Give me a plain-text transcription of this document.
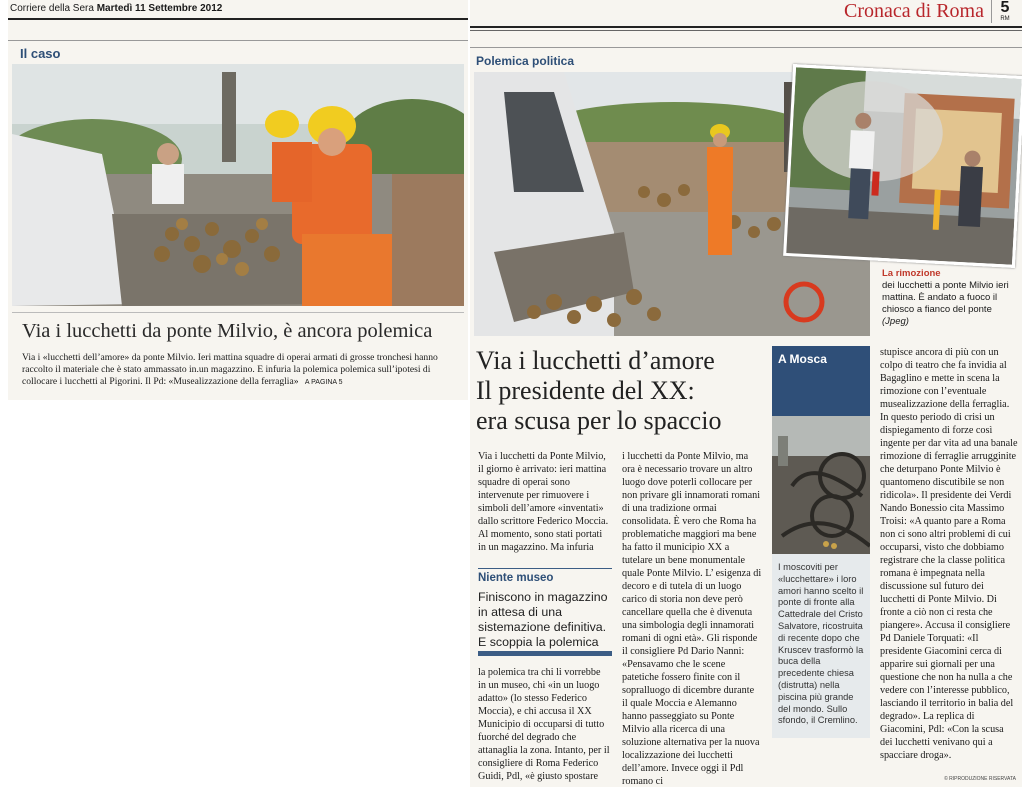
Corriere della Sera Martedì 11 Settembre 2012
Il caso
Via i lucchetti da ponte Milvio, è ancora polemica
Via i «lucchetti dell’amore» da ponte Milvio. Ieri mattina squadre di operai armati di grosse tronchesi hanno raccolto il materiale che è stato ammassato in.un magazzino. E infuria la polemica polemica sull’ipotesi di collocare i lucchetti al Pigorini. Il Pd: «Musealizzazione della ferraglia» A PAGINA 5
Cronaca di Roma	5
RM
Polemica politica
La rimozione
dei lucchetti a ponte Milvio ieri mattina. È andato a fuoco il chiosco a fianco del ponte (Jpeg)
Via i lucchetti d’amore
Il presidente del XX:
era scusa per lo spaccio
Via i lucchetti da Ponte Milvio, il giorno è arrivato: ieri mattina squadre di operai sono intervenute per rimuovere i simboli dell’amore «inventati» dallo scrittore Federico Moccia. Al momento, sono stati portati in un magazzino. Ma infuria
Niente museo
Finiscono in magazzino in attesa di una sistemazione definitiva. E scoppia la polemica
la polemica tra chi li vorrebbe in un museo, chi «in un luogo adatto» (lo stesso Federico Moccia), e chi accusa il XX Municipio di occuparsi di tutto fuorché del degrado che attanaglia la zona. Intanto, per il consigliere di Roma Federico Guidi, Pdl, «è giusto spostare
i lucchetti da Ponte Milvio, ma ora è necessario trovare un altro luogo dove poterli collocare per non privare gli innamorati romani di una tradizione ormai consolidata. È vero che Roma ha problematiche maggiori ma bene ha fatto il municipio XX a tutelare un bene monumentale quale Ponte Milvio. L’ esigenza di decoro e di tutela di un luogo carico di storia non deve però cancellare quella che è divenuta una simbologia degli innamorati romani di ogni età». Gli risponde il consigliere Pd Dario Nanni: «Pensavamo che le scene patetiche fossero finite con il sopralluogo di dicembre durante il quale Moccia e Alemanno hanno passeggiato su Ponte Milvio alla ricerca di una soluzione alternativa per la nuova localizzazione dei lucchetti dell’amore. Invece oggi il Pdl romano ci
A Mosca
I moscoviti per «lucchettare» i loro amori hanno scelto il ponte di fronte alla Cattedrale del Cristo Salvatore, ricostruita di recente dopo che Kruscev trasformò la buca della precedente chiesa (distrutta) nella piscina più grande del mondo. Sullo sfondo, il Cremlino.
stupisce ancora di più con un colpo di teatro che fa invidia al Bagaglino e mette in scena la rimozione con l’eventuale musealizzazione della ferraglia. In questo periodo di crisi un dispiegamento di forze così ingente per dar vita ad una banale rimozione di ferraglie arrugginite che deturpano Ponte Milvio è quantomeno discutibile se non ridicola». Il presidente dei Verdi Nando Bonessio cita Massimo Troisi: «A quanto pare a Roma non ci sono altri problemi di cui occuparsi, visto che dobbiamo registrare che la classe politica romana è impegnata nella discussione sul futuro dei lucchetti di Ponte Milvio. Di fronte a ciò non ci resta che piangere». Accusa il consigliere Pd Daniele Torquati: «Il presidente Giacomini cerca di apparire sui giornali per una questione che non ha nulla a che vedere con l’interesse pubblico, lasciando il territorio in balia del degrado». La replica di Giacomini, Pdl: «Con la scusa dei lucchetti venivano qui a spacciare droga».
© RIPRODUZIONE RISERVATA
